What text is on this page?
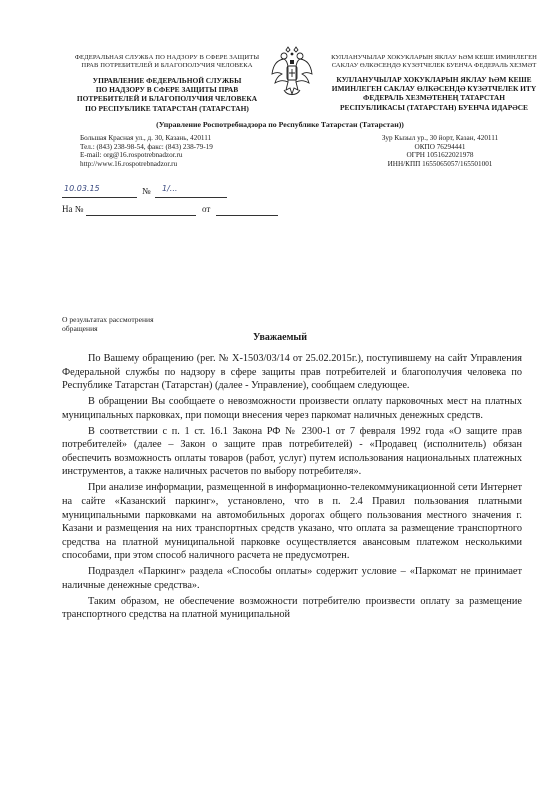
ФЕДЕРАЛЬНАЯ СЛУЖБА ПО НАДЗОРУ В СФЕРЕ ЗАЩИТЫ
ПРАВ ПОТРЕБИТЕЛЕЙ И БЛАГОПОЛУЧИЯ ЧЕЛОВЕКА
УПРАВЛЕНИЕ ФЕДЕРАЛЬНОЙ СЛУЖБЫ
ПО НАДЗОРУ В СФЕРЕ ЗАЩИТЫ ПРАВ
ПОТРЕБИТЕЛЕЙ И БЛАГОПОЛУЧИЯ ЧЕЛОВЕКА
ПО РЕСПУБЛИКЕ ТАТАРСТАН (ТАТАРСТАН)
КУЛЛАНУЧЫЛАР ХОКУКЛАРЫН ЯКЛАУ ҺӘМ КЕШЕ ИМИНЛЕГЕН
САКЛАУ ӨЛКӘСЕНДӘ КҮЗӘТЧЕЛЕК БУЕНЧА ФЕДЕРАЛЬ ХЕЗМӘТ
КУЛЛАНУЧЫЛАР ХОКУКЛАРЫН ЯКЛАУ ҺӘМ КЕШЕ
ИМИНЛЕГЕН САКЛАУ ӨЛКӘСЕНДӘ КҮЗӘТЧЕЛЕК ИТҮ
ФЕДЕРАЛЬ ХЕЗМӘТЕНЕҢ ТАТАРСТАН
РЕСПУБЛИКАСЫ (ТАТАРСТАН) БУЕНЧА ИДАРӘСЕ
(Управление Роспотребнадзора по Республике Татарстан (Татарстан))
Большая Красная ул., д. 30, Казань, 420111
Тел.: (843) 238-98-54, факс: (843) 238-79-19
E-mail: org@16.rospotrebnadzor.ru
http://www.16.rospotrebnadzor.ru
Зур Кызыл ур., 30 йорт, Казан, 420111
ОКПО 76294441
ОГРН 1051622021978
ИНН/КПП 1655065057/165501001
10.03.15	№ 1/...
На №	от
О результатах рассмотрения
обращения
Уважаемый

По Вашему обращению (рег. № Х-1503/03/14 от 25.02.2015г.), поступившему на сайт Управления Федеральной службы по надзору в сфере защиты прав потребителей и благополучия человека по Республике Татарстан (Татарстан) (далее - Управление), сообщаем следующее.

В обращении Вы сообщаете о невозможности произвести оплату парковочных мест на платных муниципальных парковках, при помощи внесения через паркомат наличных денежных средств.

В соответствии с п. 1 ст. 16.1 Закона РФ № 2300-1 от 7 февраля 1992 года «О защите прав потребителей» (далее – Закон о защите прав потребителей) - «Продавец (исполнитель) обязан обеспечить возможность оплаты товаров (работ, услуг) путем использования национальных платежных инструментов, а также наличных расчетов по выбору потребителя».

При анализе информации, размещенной в информационно-телекоммуникационной сети Интернет на сайте «Казанский паркинг», установлено, что в п. 2.4 Правил пользования платными муниципальными парковками на автомобильных дорогах общего пользования местного значения г. Казани и размещения на них транспортных средств указано, что оплата за размещение транспортного средства на платной муниципальной парковке осуществляется авансовым платежом несколькими способами, при этом способ наличного расчета не предусмотрен.

Подраздел «Паркинг» раздела «Способы оплаты» содержит условие – «Паркомат не принимает наличные денежные средства».

Таким образом, не обеспечение возможности потребителю произвести оплату за размещение транспортного средства на платной муниципальной
